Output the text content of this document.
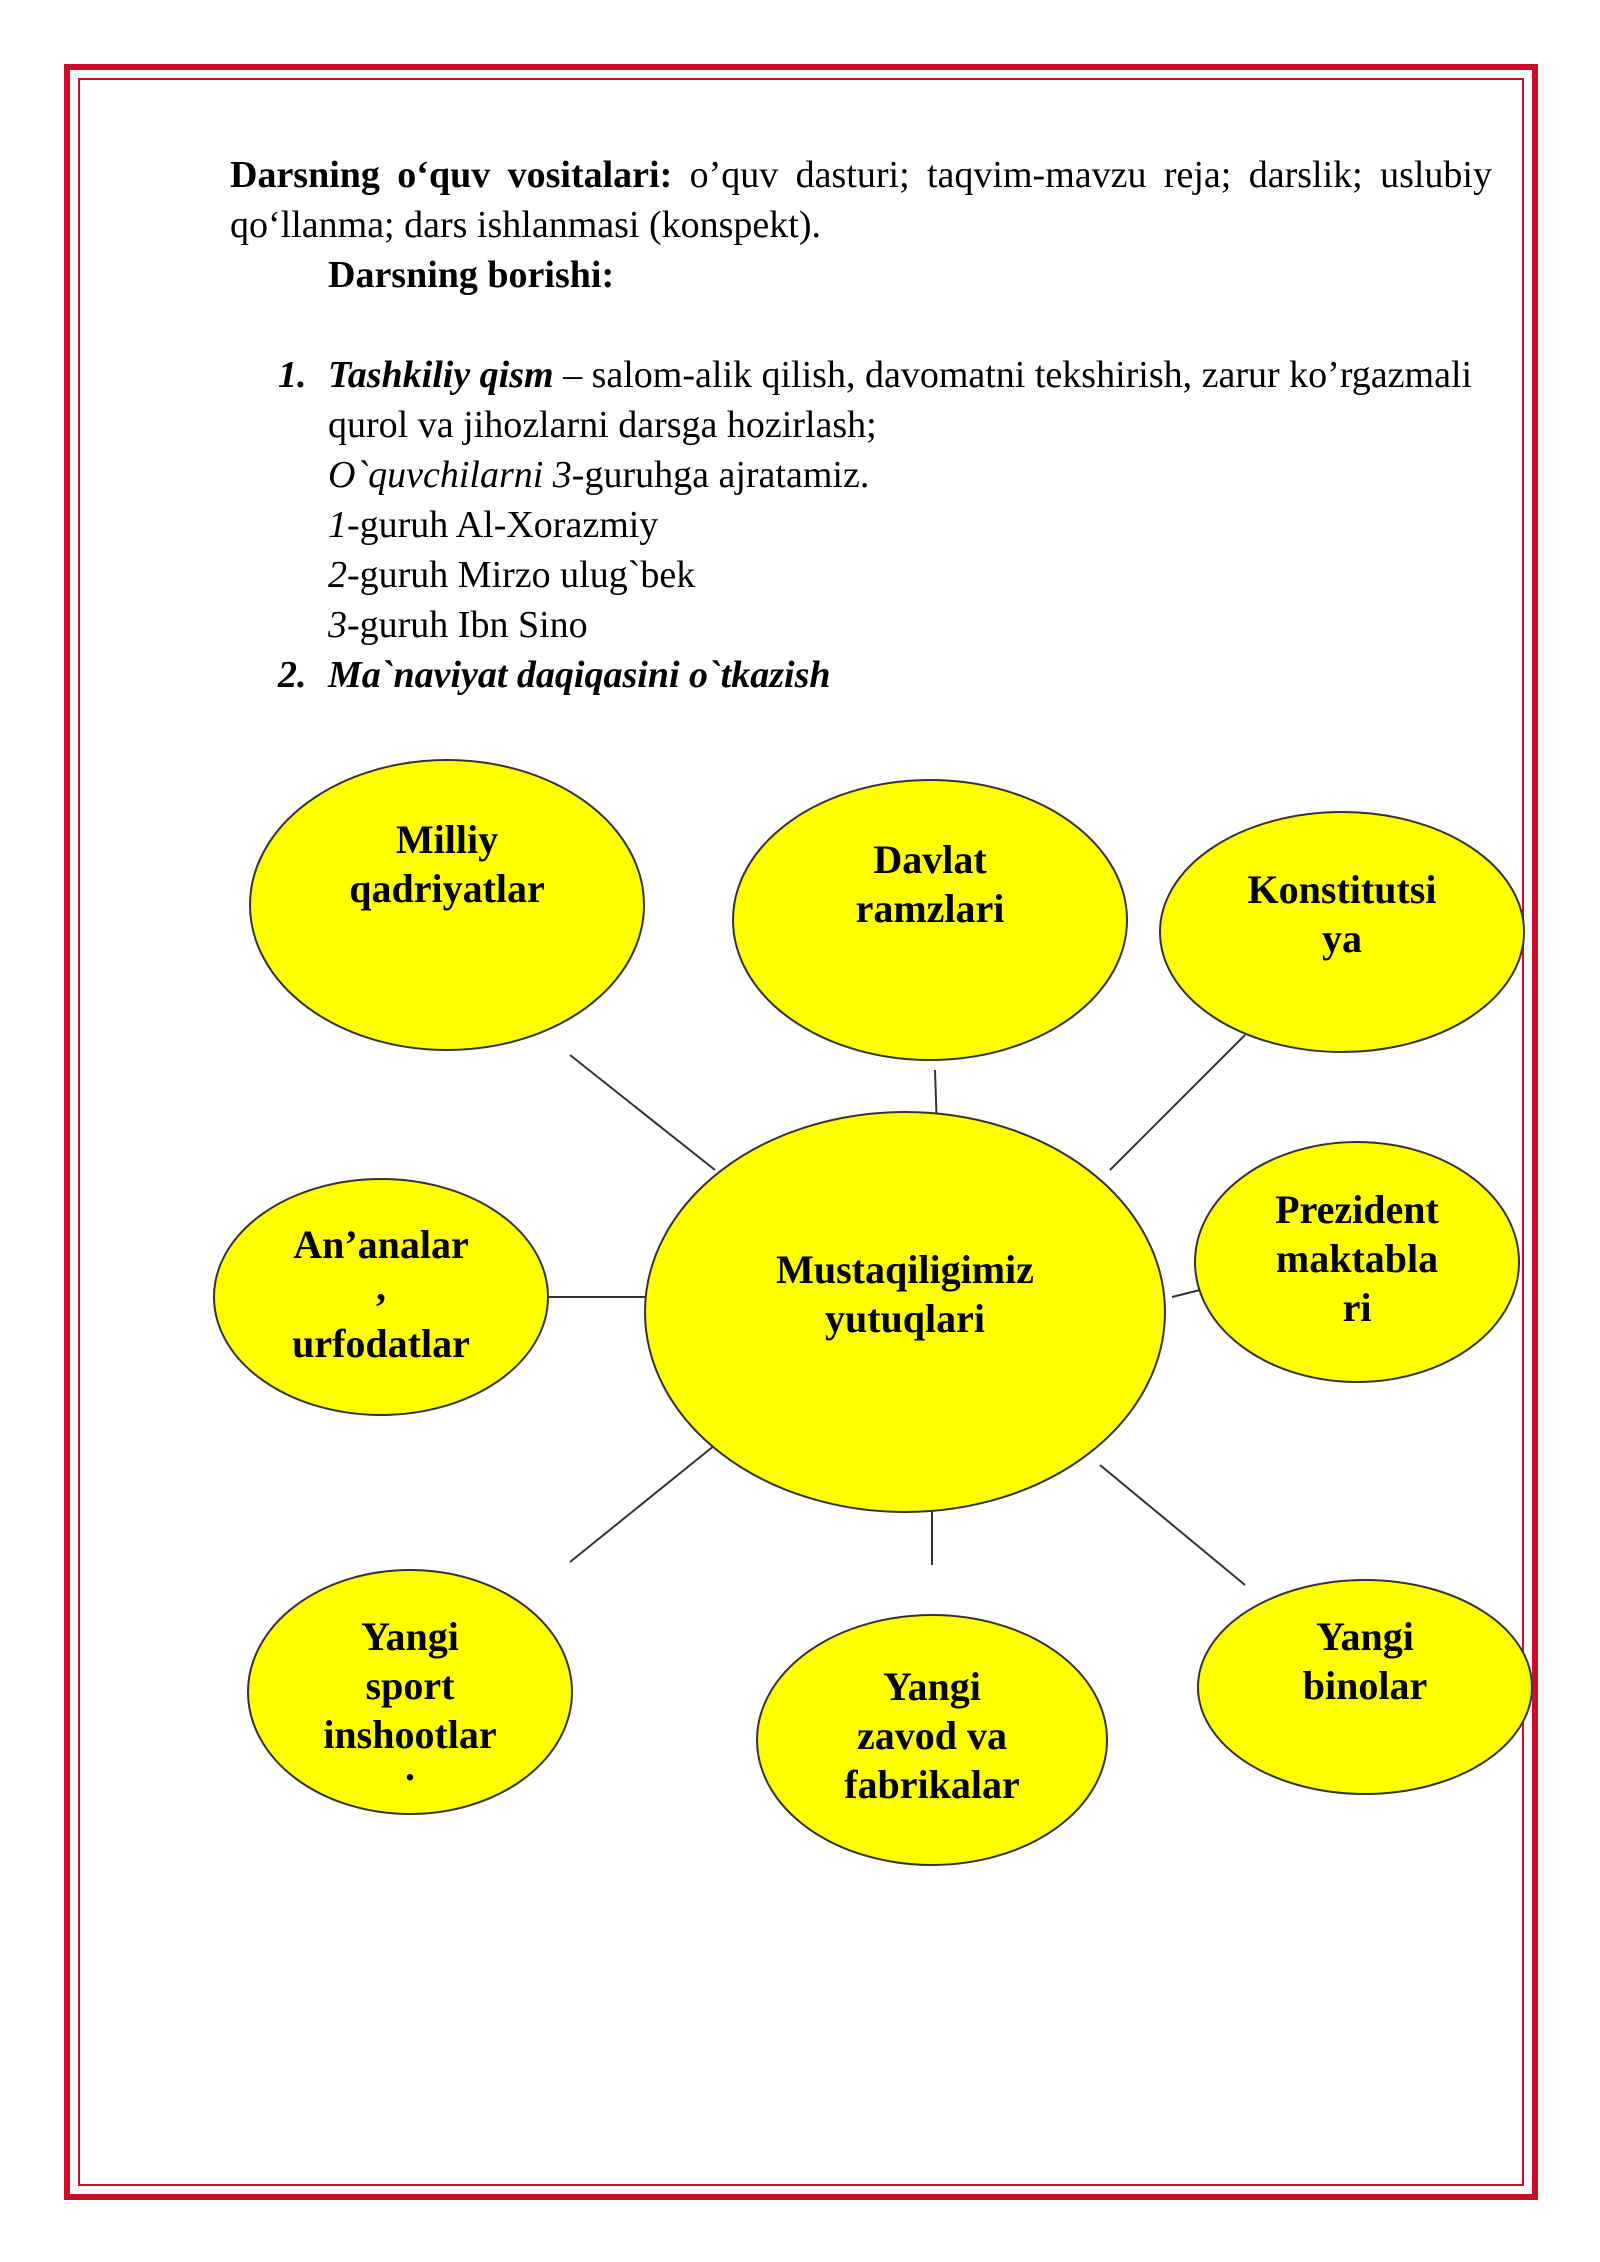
Darsning o‘quv vositalari: o’quv dasturi; taqvim-mavzu reja; darslik; uslubiy qo‘llanma; dars ishlanmasi (konspekt).

Darsning borishi:

1. Tashkiliy qism – salom-alik qilish, davomatni tekshirish, zarur ko’rgazmali qurol va jihozlarni darsga hozirlash;
O`quvchilarni 3-guruhga ajratamiz.
1-guruh Al-Xorazmiy
2-guruh Mirzo ulug`bek
3-guruh Ibn Sino
2. Ma`naviyat daqiqasini o`tkazish
Mustaqiligimiz
yutuqlari
Milliy
qadriyatlar
Davlat
ramzlari	Konstitutsi
ya
An’analar
,
urfodatlar
Prezident
maktabla
ri
Yangi
sport
inshootlar
.
Yangi
zavod va
fabrikalar
Yangi
binolar
